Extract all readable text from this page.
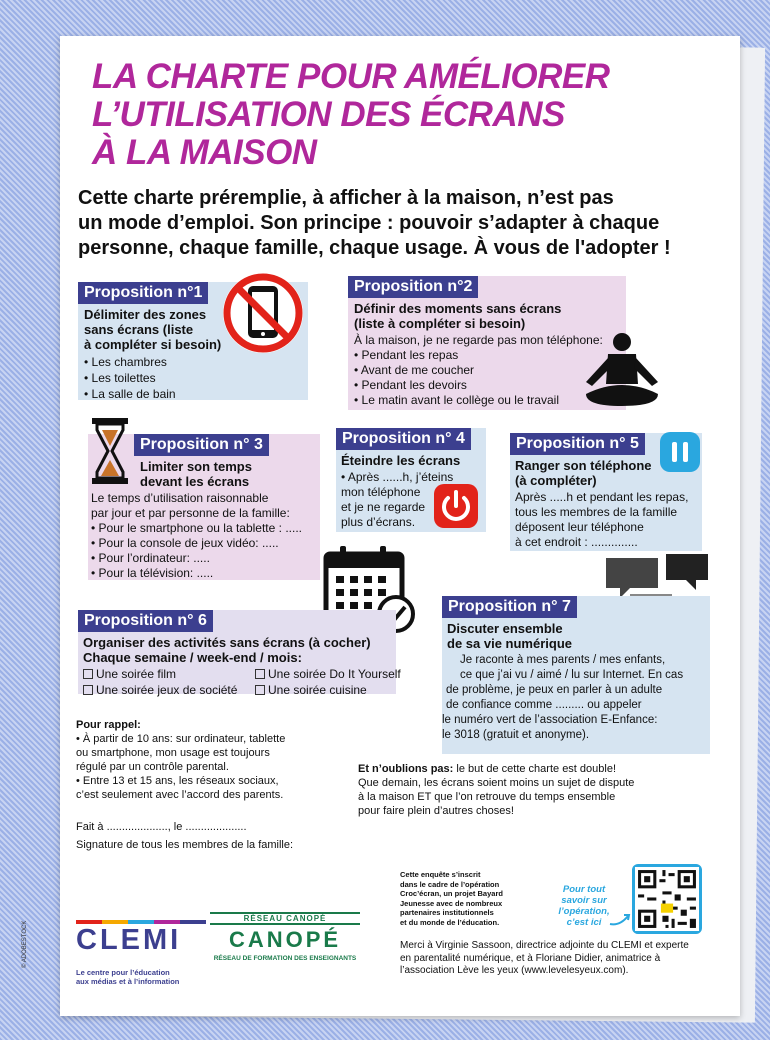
LA CHARTE POUR AMÉLIORER
L’UTILISATION DES ÉCRANS
À LA MAISON
Cette charte préremplie, à afficher à la maison, n’est pas
un mode d’emploi. Son principe : pouvoir s’adapter à chaque
personne, chaque famille, chaque usage. À vous de l'adopter !
Proposition n°1
Délimiter des zones
sans écrans (liste
à compléter si besoin)
• Les chambres
• Les toilettes
• La salle de bain
Proposition n°2
Définir des moments sans écrans
(liste à compléter si besoin)
À la maison, je ne regarde pas mon téléphone:
• Pendant les repas
• Avant de me coucher
• Pendant les devoirs
• Le matin avant le collège ou le travail
Proposition n° 3
Limiter son temps
devant les écrans
Le temps d’utilisation raisonnable
par jour et par personne de la famille:
• Pour le smartphone ou la tablette : .....
• Pour la console de jeux vidéo: .....
• Pour l’ordinateur: .....
• Pour la télévision: .....
Proposition n° 4
Éteindre les écrans
• Après ......h, j’éteins
mon téléphone
et je ne regarde
plus d’écrans.
Proposition n° 5
Ranger son téléphone
(à compléter)
Après .....h et pendant les repas,
tous les membres de la famille
déposent leur téléphone
à cet endroit : ..............
Proposition n° 6
Organiser des activités sans écrans (à cocher)
Chaque semaine / week-end / mois:
Une soirée film	Une soirée Do It Yourself
Une soirée jeux de société	Une soirée cuisine
Proposition n° 7
Discuter ensemble
de sa vie numérique
Je raconte à mes parents / mes enfants,
ce que j’ai vu / aimé / lu sur Internet. En cas
de problème, je peux en parler à un adulte
de confiance comme ......... ou appeler
le numéro vert de l’association E-Enfance:
le 3018 (gratuit et anonyme).
Pour rappel:
• À partir de 10 ans: sur ordinateur, tablette
ou smartphone, mon usage est toujours
régulé par un contrôle parental.
• Entre 13 et 15 ans, les réseaux sociaux,
c’est seulement avec l’accord des parents.
Et n’oublions pas: le but de cette charte est double!
Que demain, les écrans soient moins un sujet de dispute
à la maison ET que l’on retrouve du temps ensemble
pour faire plein d’autres choses!
Fait à ...................., le ....................
Signature de tous les membres de la famille:
Cette enquête s’inscrit
dans le cadre de l’opération
Croc’écran, un projet Bayard
Jeunesse avec de nombreux
partenaires institutionnels
et du monde de l’éducation.
Pour tout
savoir sur
l’opération,
c’est ici
Merci à Virginie Sassoon, directrice adjointe du CLEMI et experte
en parentalité numérique, et à Floriane Didier, animatrice à
l’association Lève les yeux (www.levelesyeux.com).
CLEMI
Le centre pour l’éducation
aux médias et à l’information
RÉSEAU CANOPÉ
CANOPÉ
RÉSEAU DE FORMATION DES ENSEIGNANTS
© ADOBESTOCK
